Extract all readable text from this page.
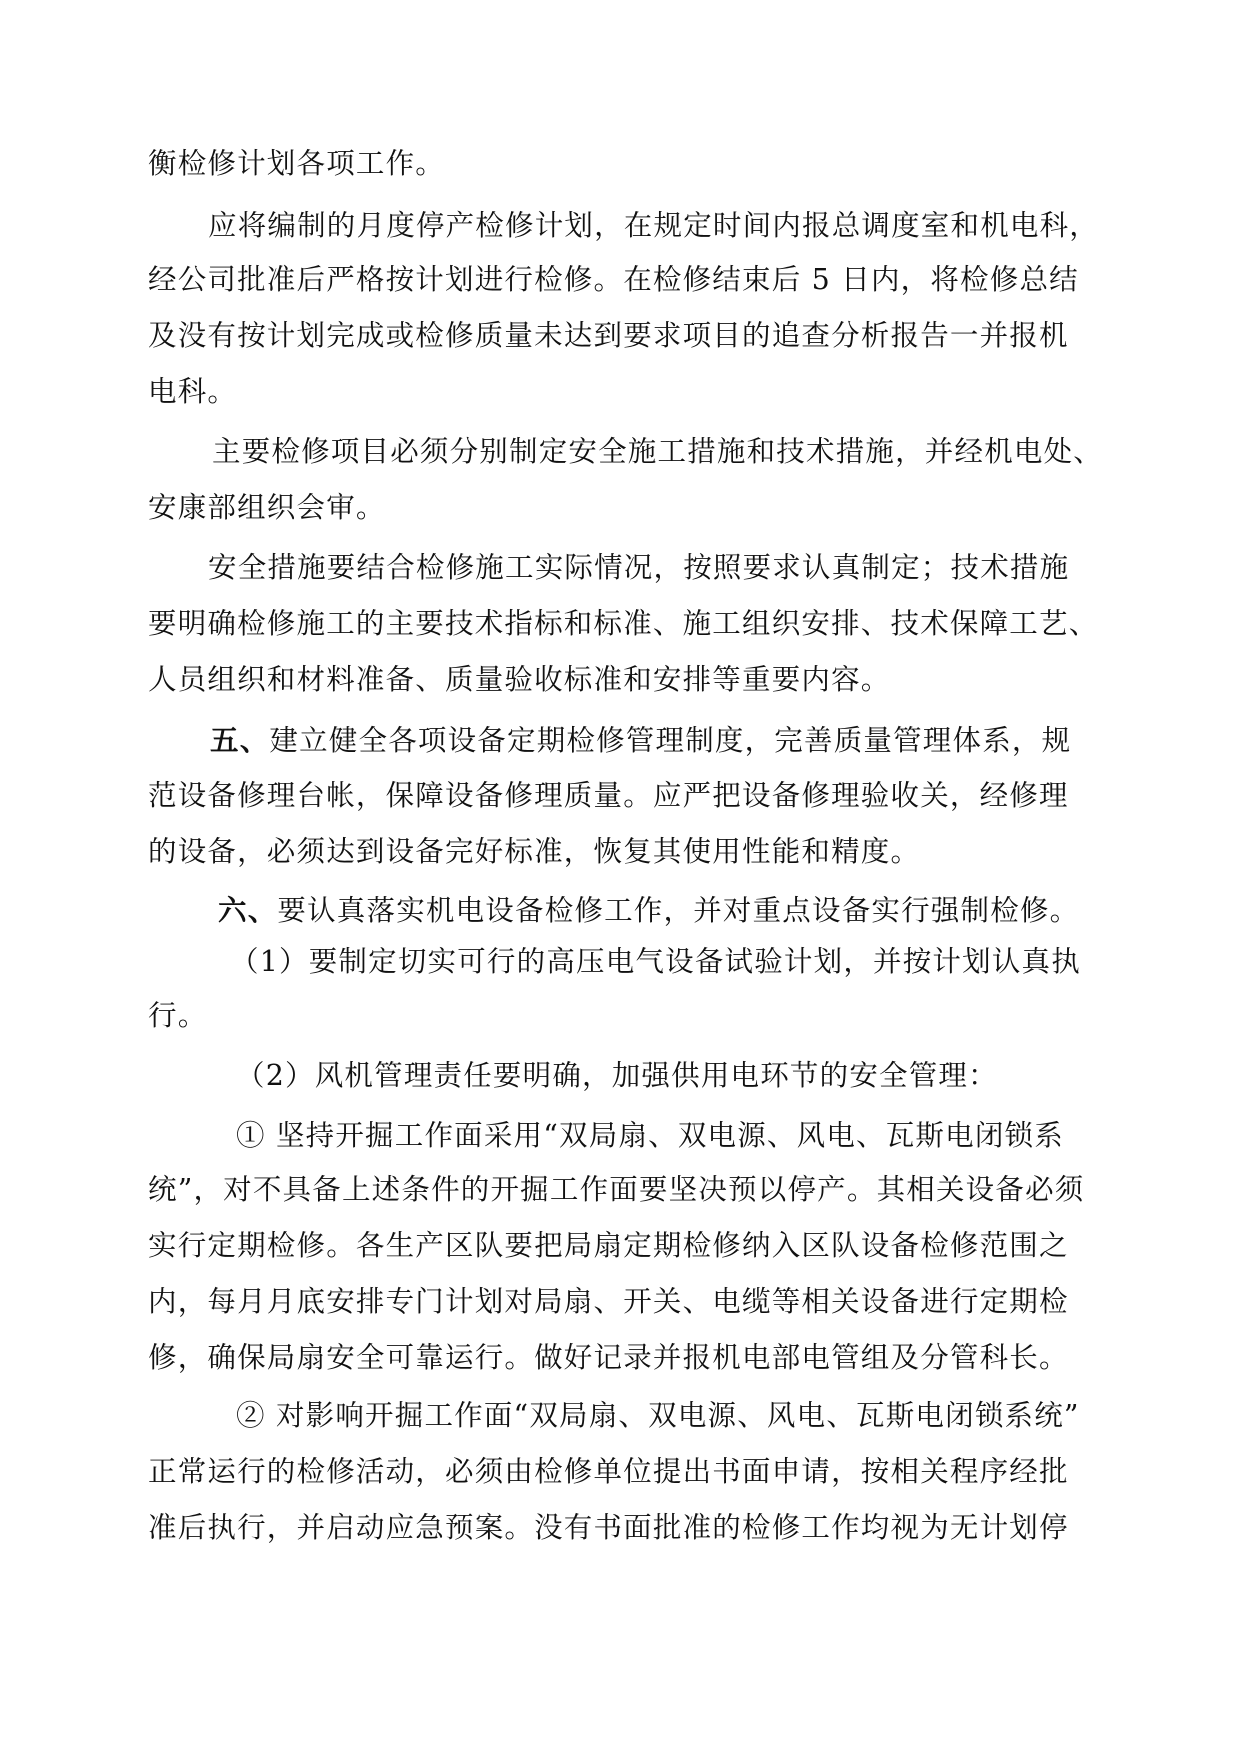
衡检修计划各项工作。
应将编制的月度停产检修计划，在规定时间内报总调度室和机电科，
经公司批准后严格按计划进行检修。在检修结束后 5 日内，将检修总结
及没有按计划完成或检修质量未达到要求项目的追查分析报告一并报机
电科。
主要检修项目必须分别制定安全施工措施和技术措施，并经机电处、
安康部组织会审。
安全措施要结合检修施工实际情况，按照要求认真制定；技术措施
要明确检修施工的主要技术指标和标准、施工组织安排、技术保障工艺、
人员组织和材料准备、质量验收标准和安排等重要内容。
五、建立健全各项设备定期检修管理制度，完善质量管理体系，规
范设备修理台帐，保障设备修理质量。应严把设备修理验收关，经修理
的设备，必须达到设备完好标准，恢复其使用性能和精度。
六、要认真落实机电设备检修工作，并对重点设备实行强制检修。
（1）要制定切实可行的高压电气设备试验计划，并按计划认真执
行。
（2）风机管理责任要明确，加强供用电环节的安全管理：
① 坚持开掘工作面采用“双局扇、双电源、风电、瓦斯电闭锁系
统”，对不具备上述条件的开掘工作面要坚决预以停产。其相关设备必须
实行定期检修。各生产区队要把局扇定期检修纳入区队设备检修范围之
内，每月月底安排专门计划对局扇、开关、电缆等相关设备进行定期检
修，确保局扇安全可靠运行。做好记录并报机电部电管组及分管科长。
② 对影响开掘工作面“双局扇、双电源、风电、瓦斯电闭锁系统”
正常运行的检修活动，必须由检修单位提出书面申请，按相关程序经批
准后执行，并启动应急预案。没有书面批准的检修工作均视为无计划停
